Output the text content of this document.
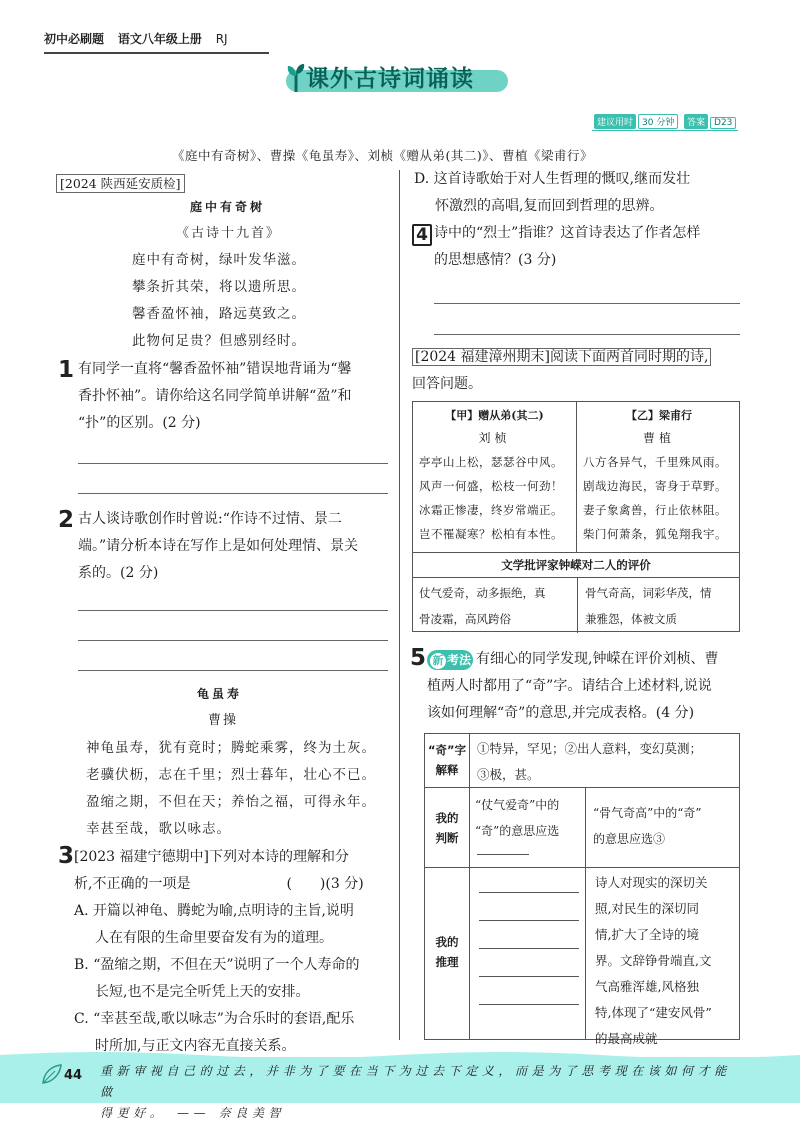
初中必刷题 语文八年级上册 RJ
课外古诗词诵读
建议用时 30 分钟	答案 D23
《庭中有奇树》、曹操《龟虽寿》、刘桢《赠从弟(其二)》、曹植《梁甫行》
[2024 陕西延安质检]
庭中有奇树
《古诗十九首》
庭中有奇树，绿叶发华滋。
攀条折其荣，将以遗所思。
馨香盈怀袖，路远莫致之。
此物何足贵？但感别经时。
1 有同学一直将“馨香盈怀袖”错误地背诵为“馨
香扑怀袖”。请你给这名同学简单讲解“盈”和
“扑”的区别。(2 分)
2 古人谈诗歌创作时曾说:“作诗不过情、景二
端。”请分析本诗在写作上是如何处理情、景关
系的。(2 分)
龟虽寿
曹操
神龟虽寿，犹有竟时；腾蛇乘雾，终为土灰。
老骥伏枥，志在千里；烈士暮年，壮心不已。
盈缩之期，不但在天；养怡之福，可得永年。
幸甚至哉，歌以咏志。
3 [2023 福建宁德期中]下列对本诗的理解和分
析,不正确的一项是	(　　)(3 分)
A. 开篇以神龟、腾蛇为喻,点明诗的主旨,说明
人在有限的生命里要奋发有为的道理。
B. “盈缩之期，不但在天”说明了一个人寿命的
长短,也不是完全听凭上天的安排。
C. “幸甚至哉,歌以咏志”为合乐时的套语,配乐
时所加,与正文内容无直接关系。
D. 这首诗歌始于对人生哲理的慨叹,继而发壮
怀激烈的高唱,复而回到哲理的思辨。
4 诗中的“烈士”指谁？这首诗表达了作者怎样
的思想感情？(3 分)
[2024 福建漳州期末]阅读下面两首同时期的诗,
回答问题。
【甲】赠从弟(其二)
刘桢
亭亭山上松，瑟瑟谷中风。
风声一何盛，松枝一何劲！
冰霜正惨凄，终岁常端正。
岂不罹凝寒？松柏有本性。
【乙】梁甫行
曹植
八方各异气，千里殊风雨。
剧哉边海民，寄身于草野。
妻子象禽兽，行止依林阻。
柴门何萧条，狐兔翔我宇。
文学批评家钟嵘对二人的评价
仗气爱奇，动多振绝，真
骨凌霜，高风跨俗
骨气奇高，词彩华茂，情
兼雅怨，体被文质
5 新 考法 有细心的同学发现,钟嵘在评价刘桢、曹
植两人时都用了“奇”字。请结合上述材料,说说
该如何理解“奇”的意思,并完成表格。(4 分)
“奇”字
解释
①特异，罕见；②出人意料，变幻莫测；
③极，甚。
我的
判断
“仗气爱奇”中的
“奇”的意思应选
“骨气奇高”中的“奇”
的意思应选③
我的
推理
诗人对现实的深切关
照,对民生的深切同
情,扩大了全诗的境
界。文辞铮骨端直,文
气高雅浑雄,风格独
特,体现了“建安风骨”
的最高成就
44 重新审视自己的过去，并非为了要在当下为过去下定义，而是为了思考现在该如何才能做
得更好。　—— 奈良美智
